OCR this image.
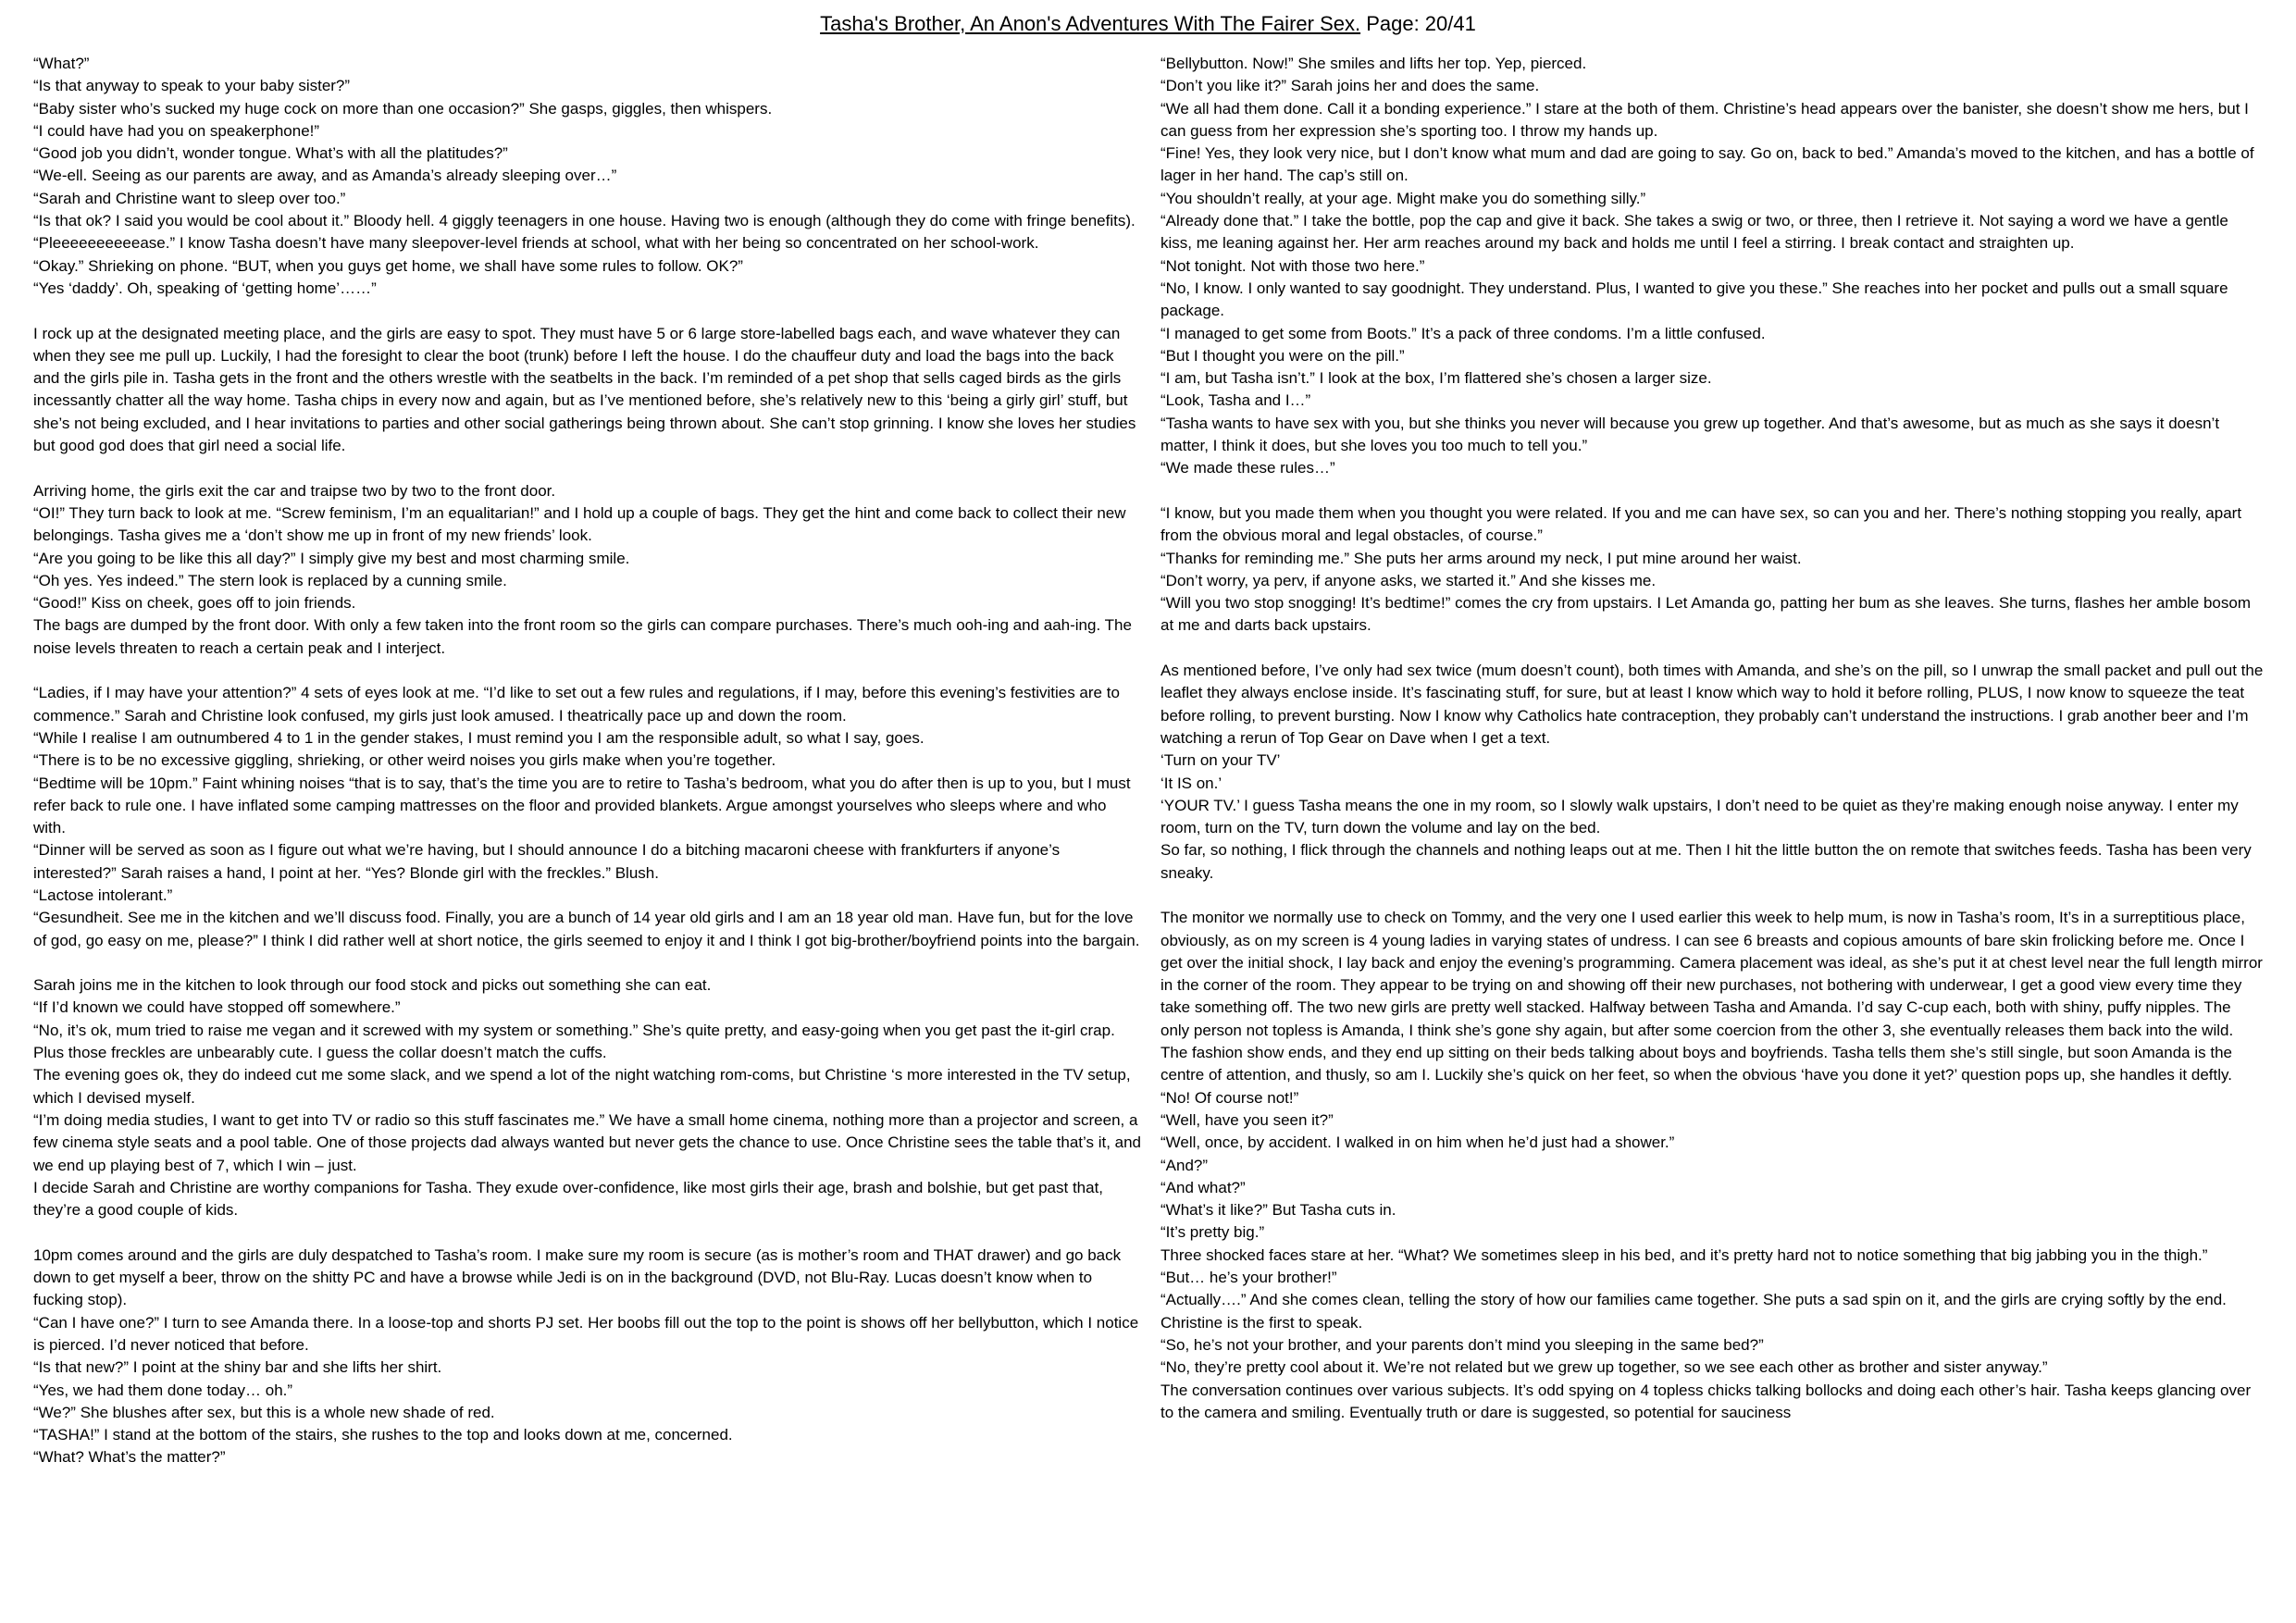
Tasha's Brother, An Anon's Adventures With The Fairer Sex. Page: 20/41
“What?”
“Is that anyway to speak to your baby sister?”
“Baby sister who’s sucked my huge cock on more than one occasion?” She gasps, giggles, then whispers.
“I could have had you on speakerphone!”
“Good job you didn’t, wonder tongue. What’s with all the platitudes?”
“We-ell. Seeing as our parents are away, and as Amanda’s already sleeping over…”
“Sarah and Christine want to sleep over too.”
“Is that ok? I said you would be cool about it.” Bloody hell. 4 giggly teenagers in one house. Having two is enough (although they do come with fringe benefits). “Pleeeeeeeeeease.” I know Tasha doesn’t have many sleepover-level friends at school, what with her being so concentrated on her school-work.
“Okay.” Shrieking on phone. “BUT, when you guys get home, we shall have some rules to follow. OK?”
“Yes ‘daddy’. Oh, speaking of ‘getting home’……”
I rock up at the designated meeting place, and the girls are easy to spot. They must have 5 or 6 large store-labelled bags each, and wave whatever they can when they see me pull up. Luckily, I had the foresight to clear the boot (trunk) before I left the house. I do the chauffeur duty and load the bags into the back and the girls pile in. Tasha gets in the front and the others wrestle with the seatbelts in the back. I’m reminded of a pet shop that sells caged birds as the girls incessantly chatter all the way home. Tasha chips in every now and again, but as I’ve mentioned before, she’s relatively new to this ‘being a girly girl’ stuff, but she’s not being excluded, and I hear invitations to parties and other social gatherings being thrown about. She can’t stop grinning. I know she loves her studies but good god does that girl need a social life.
Arriving home, the girls exit the car and traipse two by two to the front door.
“OI!” They turn back to look at me. “Screw feminism, I’m an equalitarian!” and I hold up a couple of bags. They get the hint and come back to collect their new belongings. Tasha gives me a ‘don’t show me up in front of my new friends’ look.
“Are you going to be like this all day?” I simply give my best and most charming smile.
“Oh yes. Yes indeed.” The stern look is replaced by a cunning smile.
“Good!” Kiss on cheek, goes off to join friends.
The bags are dumped by the front door. With only a few taken into the front room so the girls can compare purchases. There’s much ooh-ing and aah-ing. The noise levels threaten to reach a certain peak and I interject.
“Ladies, if I may have your attention?” 4 sets of eyes look at me. “I’d like to set out a few rules and regulations, if I may, before this evening’s festivities are to commence.” Sarah and Christine look confused, my girls just look amused. I theatrically pace up and down the room.
“While I realise I am outnumbered 4 to 1 in the gender stakes, I must remind you I am the responsible adult, so what I say, goes.
“There is to be no excessive giggling, shrieking, or other weird noises you girls make when you’re together.
“Bedtime will be 10pm.” Faint whining noises “that is to say, that’s the time you are to retire to Tasha’s bedroom, what you do after then is up to you, but I must refer back to rule one. I have inflated some camping mattresses on the floor and provided blankets. Argue amongst yourselves who sleeps where and who with.
“Dinner will be served as soon as I figure out what we’re having, but I should announce I do a bitching macaroni cheese with frankfurters if anyone’s interested?” Sarah raises a hand, I point at her. “Yes? Blonde girl with the freckles.” Blush.
“Lactose intolerant.”
“Gesundheit. See me in the kitchen and we’ll discuss food. Finally, you are a bunch of 14 year old girls and I am an 18 year old man. Have fun, but for the love of god, go easy on me, please?” I think I did rather well at short notice, the girls seemed to enjoy it and I think I got big-brother/boyfriend points into the bargain.
Sarah joins me in the kitchen to look through our food stock and picks out something she can eat.
“If I’d known we could have stopped off somewhere.”
“No, it’s ok, mum tried to raise me vegan and it screwed with my system or something.” She’s quite pretty, and easy-going when you get past the it-girl crap. Plus those freckles are unbearably cute. I guess the collar doesn’t match the cuffs.
The evening goes ok, they do indeed cut me some slack, and we spend a lot of the night watching rom-coms, but Christine ‘s more interested in the TV setup, which I devised myself.
“I’m doing media studies, I want to get into TV or radio so this stuff fascinates me.” We have a small home cinema, nothing more than a projector and screen, a few cinema style seats and a pool table. One of those projects dad always wanted but never gets the chance to use. Once Christine sees the table that’s it, and we end up playing best of 7, which I win – just.
I decide Sarah and Christine are worthy companions for Tasha. They exude over-confidence, like most girls their age, brash and bolshie, but get past that, they’re a good couple of kids.
10pm comes around and the girls are duly despatched to Tasha’s room. I make sure my room is secure (as is mother’s room and THAT drawer) and go back down to get myself a beer, throw on the shitty PC and have a browse while Jedi is on in the background (DVD, not Blu-Ray. Lucas doesn’t know when to fucking stop).
“Can I have one?” I turn to see Amanda there. In a loose-top and shorts PJ set. Her boobs fill out the top to the point is shows off her bellybutton, which I notice is pierced. I’d never noticed that before.
“Is that new?” I point at the shiny bar and she lifts her shirt.
“Yes, we had them done today… oh.”
“We?” She blushes after sex, but this is a whole new shade of red.
“TASHA!” I stand at the bottom of the stairs, she rushes to the top and looks down at me, concerned.
“What? What’s the matter?”
“Bellybutton. Now!” She smiles and lifts her top. Yep, pierced.
“Don’t you like it?” Sarah joins her and does the same.
“We all had them done. Call it a bonding experience.” I stare at the both of them. Christine’s head appears over the banister, she doesn’t show me hers, but I can guess from her expression she’s sporting too. I throw my hands up.
“Fine! Yes, they look very nice, but I don’t know what mum and dad are going to say. Go on, back to bed.” Amanda’s moved to the kitchen, and has a bottle of lager in her hand. The cap’s still on.
“You shouldn’t really, at your age. Might make you do something silly.”
“Already done that.” I take the bottle, pop the cap and give it back. She takes a swig or two, or three, then I retrieve it. Not saying a word we have a gentle kiss, me leaning against her. Her arm reaches around my back and holds me until I feel a stirring. I break contact and straighten up.
“Not tonight. Not with those two here.”
“No, I know. I only wanted to say goodnight. They understand. Plus, I wanted to give you these.” She reaches into her pocket and pulls out a small square package.
“I managed to get some from Boots.” It’s a pack of three condoms. I’m a little confused.
“But I thought you were on the pill.”
“I am, but Tasha isn’t.” I look at the box, I’m flattered she’s chosen a larger size.
“Look, Tasha and I…”
“Tasha wants to have sex with you, but she thinks you never will because you grew up together. And that’s awesome, but as much as she says it doesn’t matter, I think it does, but she loves you too much to tell you.”
“We made these rules…”
“I know, but you made them when you thought you were related. If you and me can have sex, so can you and her. There’s nothing stopping you really, apart from the obvious moral and legal obstacles, of course.”
“Thanks for reminding me.” She puts her arms around my neck, I put mine around her waist.
“Don’t worry, ya perv, if anyone asks, we started it.” And she kisses me.
“Will you two stop snogging! It’s bedtime!” comes the cry from upstairs. I Let Amanda go, patting her bum as she leaves. She turns, flashes her amble bosom at me and darts back upstairs.
As mentioned before, I’ve only had sex twice (mum doesn’t count), both times with Amanda, and she’s on the pill, so I unwrap the small packet and pull out the leaflet they always enclose inside. It’s fascinating stuff, for sure, but at least I know which way to hold it before rolling, PLUS, I now know to squeeze the teat before rolling, to prevent bursting. Now I know why Catholics hate contraception, they probably can’t understand the instructions. I grab another beer and I’m watching a rerun of Top Gear on Dave when I get a text.
‘Turn on your TV’
‘It IS on.’
‘YOUR TV.’ I guess Tasha means the one in my room, so I slowly walk upstairs, I don’t need to be quiet as they’re making enough noise anyway. I enter my room, turn on the TV, turn down the volume and lay on the bed.
So far, so nothing, I flick through the channels and nothing leaps out at me. Then I hit the little button the on remote that switches feeds. Tasha has been very sneaky.
The monitor we normally use to check on Tommy, and the very one I used earlier this week to help mum, is now in Tasha’s room, It’s in a surreptitious place, obviously, as on my screen is 4 young ladies in varying states of undress. I can see 6 breasts and copious amounts of bare skin frolicking before me. Once I get over the initial shock, I lay back and enjoy the evening’s programming. Camera placement was ideal, as she’s put it at chest level near the full length mirror in the corner of the room. They appear to be trying on and showing off their new purchases, not bothering with underwear, I get a good view every time they take something off. The two new girls are pretty well stacked. Halfway between Tasha and Amanda. I’d say C-cup each, both with shiny, puffy nipples. The only person not topless is Amanda, I think she’s gone shy again, but after some coercion from the other 3, she eventually releases them back into the wild.
The fashion show ends, and they end up sitting on their beds talking about boys and boyfriends. Tasha tells them she’s still single, but soon Amanda is the centre of attention, and thusly, so am I. Luckily she’s quick on her feet, so when the obvious ‘have you done it yet?’ question pops up, she handles it deftly.
“No! Of course not!”
“Well, have you seen it?”
“Well, once, by accident. I walked in on him when he’d just had a shower.”
“And?”
“And what?”
“What’s it like?” But Tasha cuts in.
“It’s pretty big.”
Three shocked faces stare at her. “What? We sometimes sleep in his bed, and it’s pretty hard not to notice something that big jabbing you in the thigh.”
“But… he’s your brother!”
“Actually….” And she comes clean, telling the story of how our families came together. She puts a sad spin on it, and the girls are crying softly by the end. Christine is the first to speak.
“So, he’s not your brother, and your parents don’t mind you sleeping in the same bed?”
“No, they’re pretty cool about it. We’re not related but we grew up together, so we see each other as brother and sister anyway.”
The conversation continues over various subjects. It’s odd spying on 4 topless chicks talking bollocks and doing each other’s hair. Tasha keeps glancing over to the camera and smiling. Eventually truth or dare is suggested, so potential for sauciness
